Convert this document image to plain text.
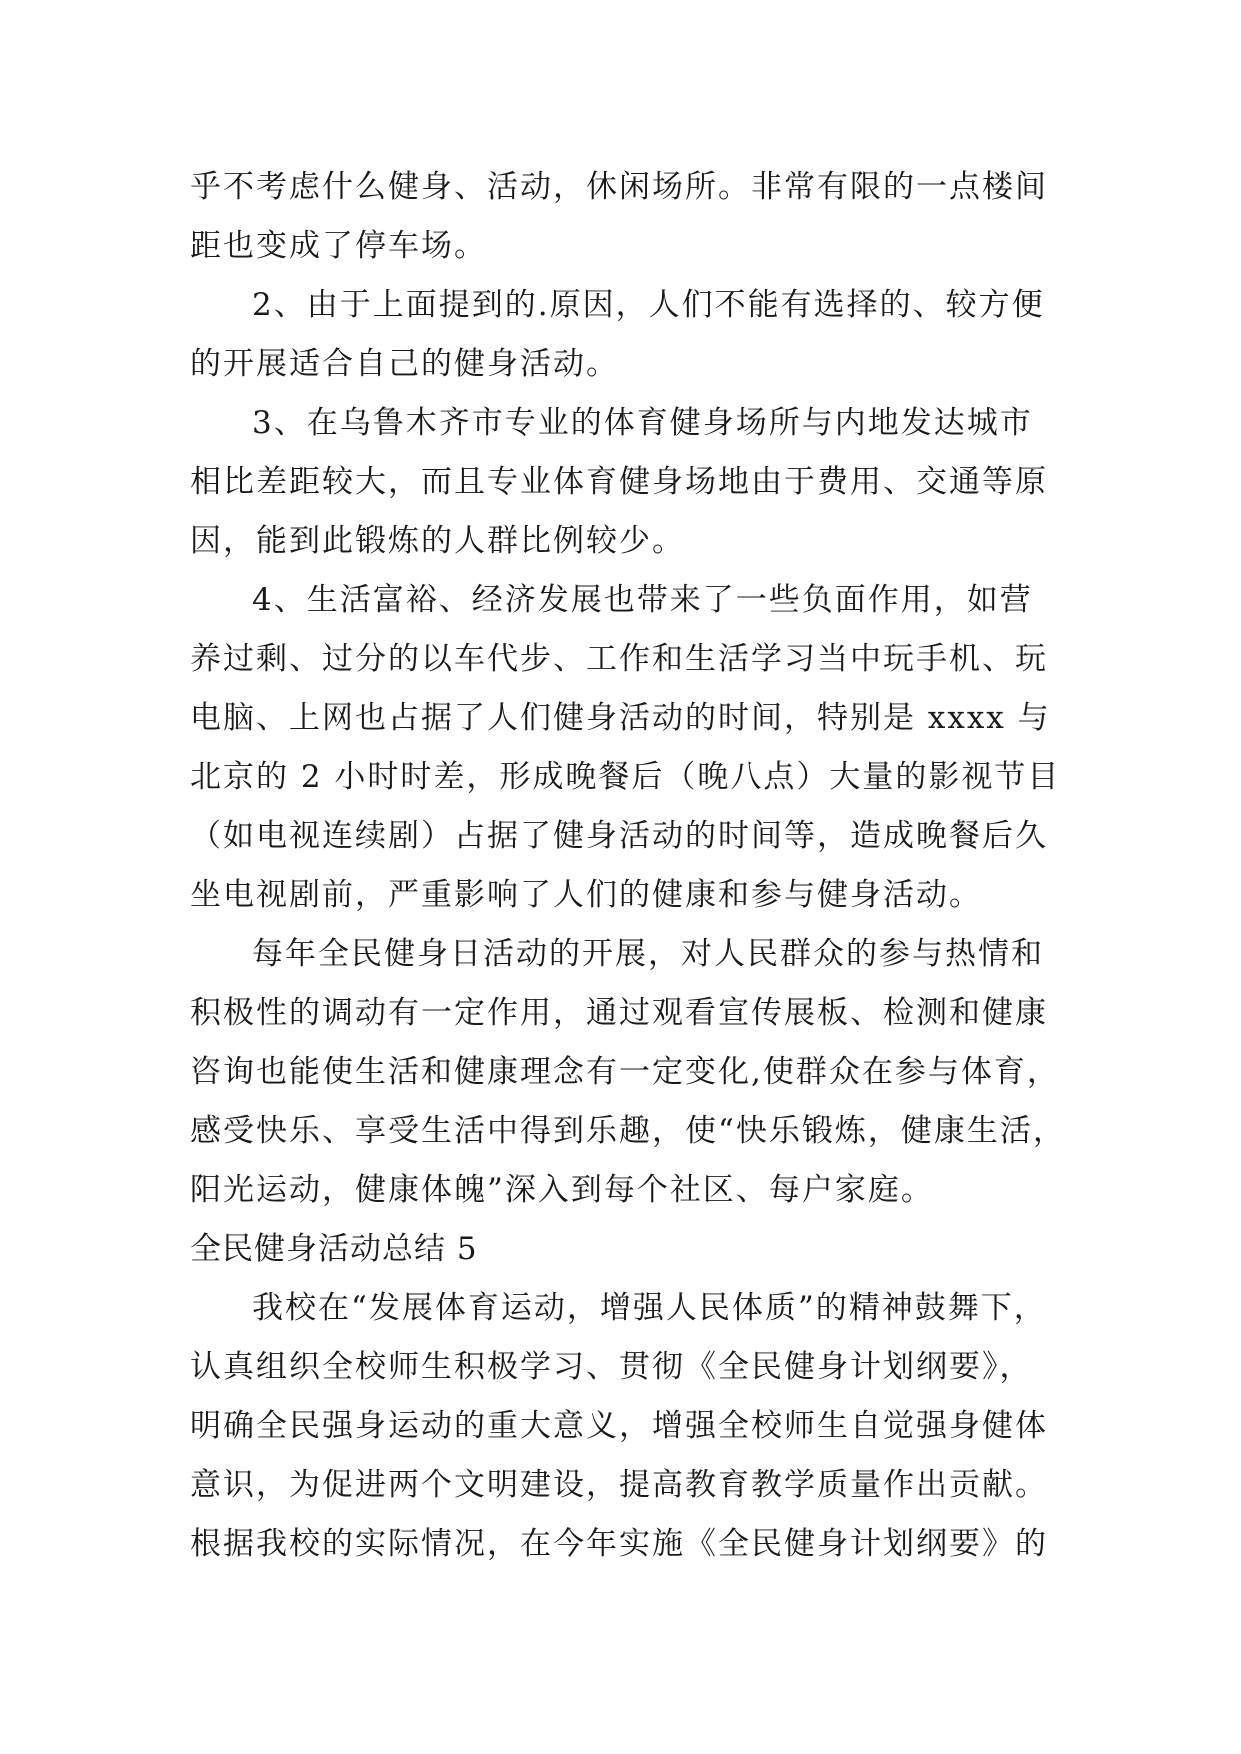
乎不考虑什么健身、活动，休闲场所。非常有限的一点楼间
距也变成了停车场。

2、由于上面提到的.原因，人们不能有选择的、较方便
的开展适合自己的健身活动。

3、在乌鲁木齐市专业的体育健身场所与内地发达城市
相比差距较大，而且专业体育健身场地由于费用、交通等原
因，能到此锻炼的人群比例较少。

4、生活富裕、经济发展也带来了一些负面作用，如营
养过剩、过分的以车代步、工作和生活学习当中玩手机、玩
电脑、上网也占据了人们健身活动的时间，特别是 xxxx 与
北京的 2 小时时差，形成晚餐后（晚八点）大量的影视节目
（如电视连续剧）占据了健身活动的时间等，造成晚餐后久
坐电视剧前，严重影响了人们的健康和参与健身活动。

每年全民健身日活动的开展，对人民群众的参与热情和
积极性的调动有一定作用，通过观看宣传展板、检测和健康
咨询也能使生活和健康理念有一定变化,使群众在参与体育，
感受快乐、享受生活中得到乐趣，使“快乐锻炼，健康生活，
阳光运动，健康体魄”深入到每个社区、每户家庭。

全民健身活动总结 5

我校在“发展体育运动，增强人民体质”的精神鼓舞下，
认真组织全校师生积极学习、贯彻《全民健身计划纲要》，
明确全民强身运动的重大意义，增强全校师生自觉强身健体
意识，为促进两个文明建设，提高教育教学质量作出贡献。
根据我校的实际情况，在今年实施《全民健身计划纲要》的
